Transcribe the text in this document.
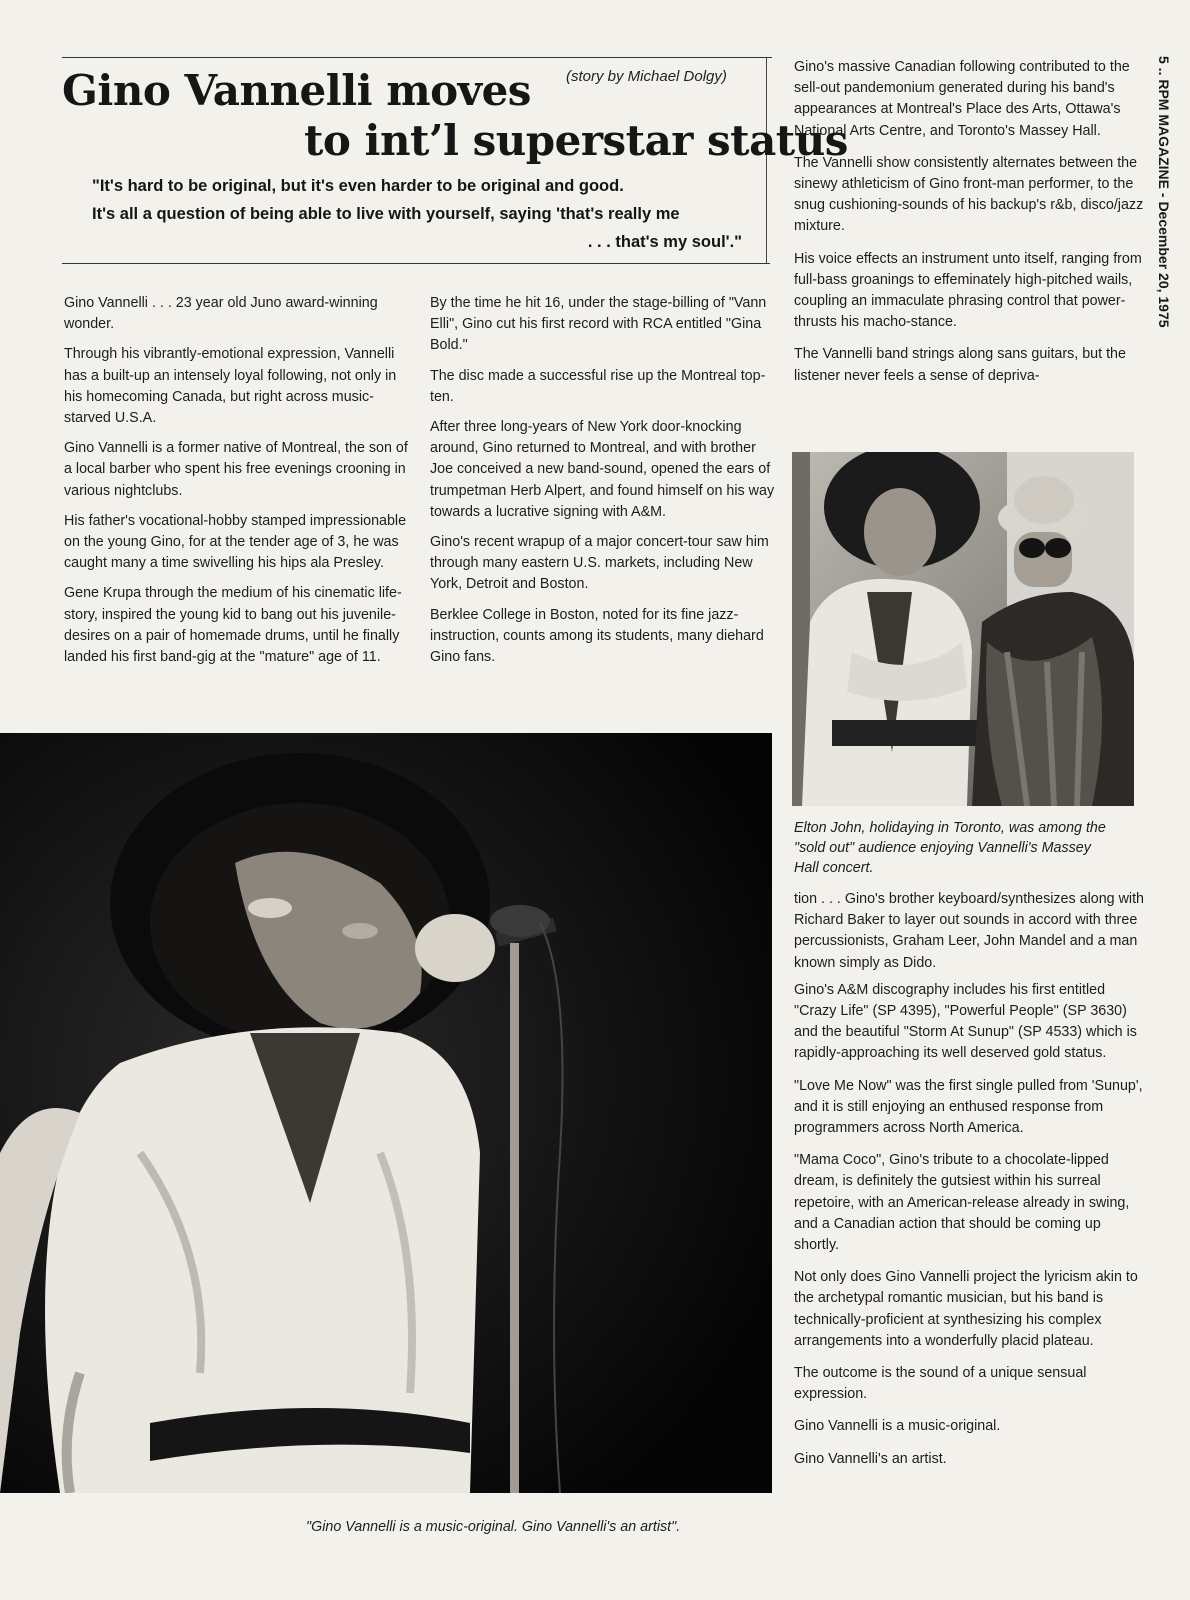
Gino Vannelli moves
to int’l superstar status
(story by Michael Dolgy)

"It's hard to be original, but it's even harder to be original and good.

It's all a question of being able to live with yourself, saying 'that's really me

. . . that's my soul'."

Gino Vannelli . . . 23 year old Juno award-winning wonder.

Through his vibrantly-emotional expression, Vannelli has a built-up an intensely loyal following, not only in his homecoming Canada, but right across music-starved U.S.A.

Gino Vannelli is a former native of Montreal, the son of a local barber who spent his free evenings crooning in various nightclubs.

His father's vocational-hobby stamped impressionable on the young Gino, for at the tender age of 3, he was caught many a time swivelling his hips ala Presley.

Gene Krupa through the medium of his cinematic life-story, inspired the young kid to bang out his juvenile-desires on a pair of homemade drums, until he finally landed his first band-gig at the "mature" age of 11.

By the time he hit 16, under the stage-billing of "Vann Elli", Gino cut his first record with RCA entitled "Gina Bold."

The disc made a successful rise up the Montreal top-ten.

After three long-years of New York door-knocking around, Gino returned to Montreal, and with brother Joe conceived a new band-sound, opened the ears of trumpetman Herb Alpert, and found himself on his way towards a lucrative signing with A&M.

Gino's recent wrapup of a major concert-tour saw him through many eastern U.S. markets, including New York, Detroit and Boston.

Berklee College in Boston, noted for its fine jazz-instruction, counts among its students, many diehard Gino fans.

Gino's massive Canadian following contributed to the sell-out pandemonium generated during his band's appearances at Montreal's Place des Arts, Ottawa's National Arts Centre, and Toronto's Massey Hall.

The Vannelli show consistently alternates between the sinewy athleticism of Gino front-man performer, to the snug cushioning-sounds of his backup's r&b, disco/jazz mixture.

His voice effects an instrument unto itself, ranging from full-bass groanings to effeminately high-pitched wails, coupling an immaculate phrasing control that power-thrusts his macho-stance.

The Vannelli band strings along sans guitars, but the listener never feels a sense of depriva-

Elton John, holidaying in Toronto, was among the "sold out" audience enjoying Vannelli's Massey Hall concert.

tion . . . Gino's brother keyboard/synthesizes along with Richard Baker to layer out sounds in accord with three percussionists, Graham Leer, John Mandel and a man known simply as Dido.

Gino's A&M discography includes his first entitled "Crazy Life" (SP 4395), "Powerful People" (SP 3630) and the beautiful "Storm At Sunup" (SP 4533) which is rapidly-approaching its well deserved gold status.

"Love Me Now" was the first single pulled from 'Sunup', and it is still enjoying an enthused response from programmers across North America.

"Mama Coco", Gino's tribute to a chocolate-lipped dream, is definitely the gutsiest within his surreal repetoire, with an American-release already in swing, and a Canadian action that should be coming up shortly.

Not only does Gino Vannelli project the lyricism akin to the archetypal romantic musician, but his band is technically-proficient at synthesizing his complex arrangements into a wonderfully placid plateau.

The outcome is the sound of a unique sensual expression.

Gino Vannelli is a music-original.

Gino Vannelli's an artist.

"Gino Vannelli is a music-original. Gino Vannelli's an artist".
5 .. RPM MAGAZINE - December 20, 1975
